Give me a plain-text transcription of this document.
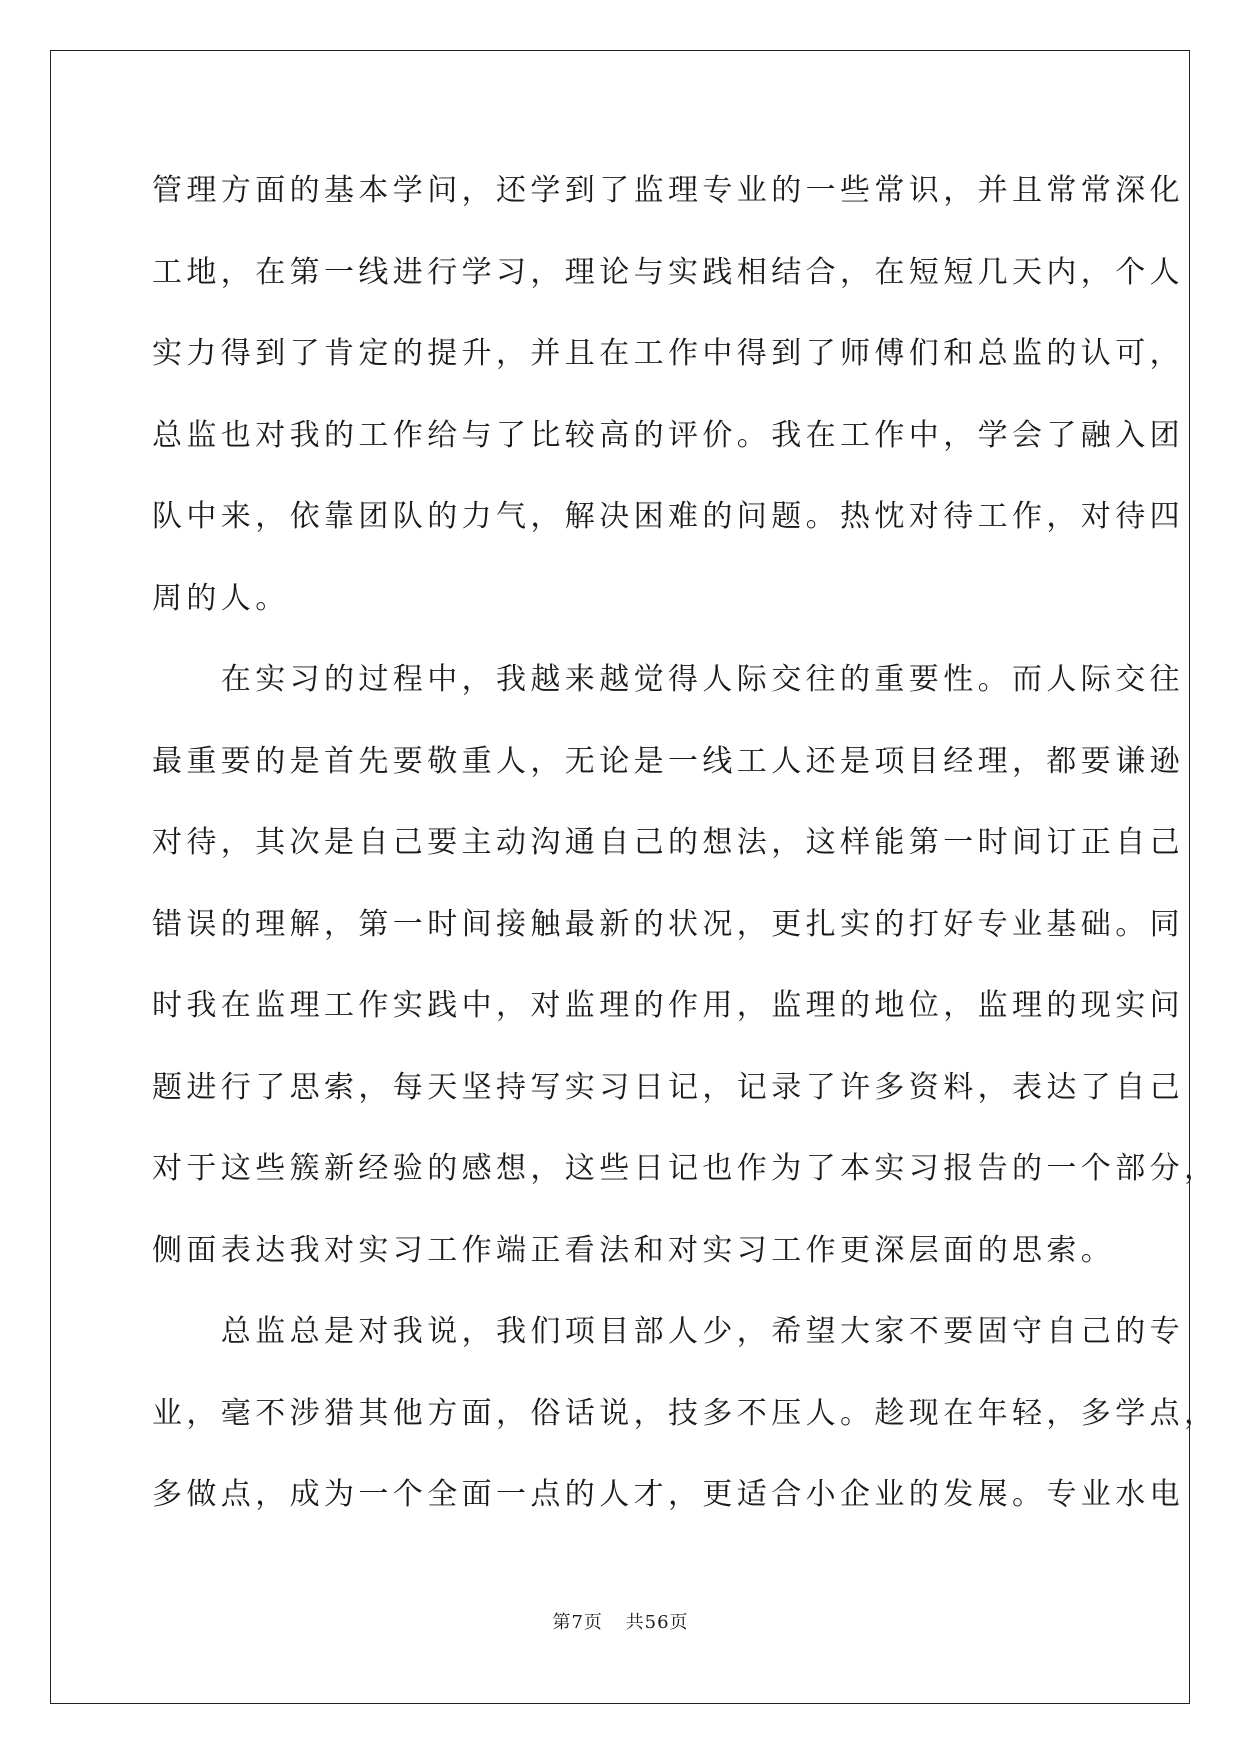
管理方面的基本学问，还学到了监理专业的一些常识，并且常常深化
工地，在第一线进行学习，理论与实践相结合，在短短几天内，个人
实力得到了肯定的提升，并且在工作中得到了师傅们和总监的认可，
总监也对我的工作给与了比较高的评价。我在工作中，学会了融入团
队中来，依靠团队的力气，解决困难的问题。热忱对待工作，对待四
周的人。
　　在实习的过程中，我越来越觉得人际交往的重要性。而人际交往
最重要的是首先要敬重人，无论是一线工人还是项目经理，都要谦逊
对待，其次是自己要主动沟通自己的想法，这样能第一时间订正自己
错误的理解，第一时间接触最新的状况，更扎实的打好专业基础。同
时我在监理工作实践中，对监理的作用，监理的地位，监理的现实问
题进行了思索，每天坚持写实习日记，记录了许多资料，表达了自己
对于这些簇新经验的感想，这些日记也作为了本实习报告的一个部分，
侧面表达我对实习工作端正看法和对实习工作更深层面的思索。
　　总监总是对我说，我们项目部人少，希望大家不要固守自己的专
业，毫不涉猎其他方面，俗话说，技多不压人。趁现在年轻，多学点，
多做点，成为一个全面一点的人才，更适合小企业的发展。专业水电
第7页 共56页
